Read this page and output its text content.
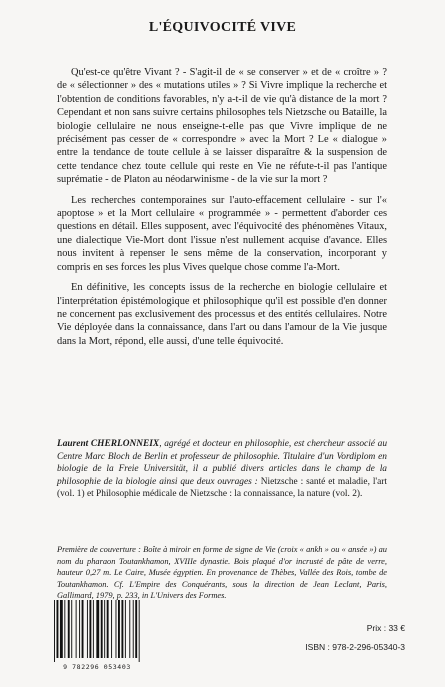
L'ÉQUIVOCITÉ VIVE

Qu'est-ce qu'être Vivant ? - S'agit-il de « se conserver » et de « croître » ? de « sélectionner » des « mutations utiles » ? Si Vivre implique la recherche et l'obtention de conditions favorables, n'y a-t-il de vie qu'à distance de la mort ? Cependant et non sans suivre certains philosophes tels Nietzsche ou Bataille, la biologie cellulaire ne nous enseigne-t-elle pas que Vivre implique de ne précisément pas cesser de « correspondre » avec la Mort ? Le « dialogue » entre la tendance de toute cellule à se laisser disparaître & la suspension de cette tendance chez toute cellule qui reste en Vie ne réfute-t-il pas l'antique suprématie - de Platon au néodarwinisme - de la vie sur la mort ?

Les recherches contemporaines sur l'auto-effacement cellulaire - sur l'« apoptose » et la Mort cellulaire « programmée » - permettent d'aborder ces questions en détail. Elles supposent, avec l'équivocité des phénomènes Vitaux, une dialectique Vie-Mort dont l'issue n'est nullement acquise d'avance. Elles nous invitent à repenser le sens même de la conservation, incorporant y compris en ses forces les plus Vives quelque chose comme l'a-Mort.

En définitive, les concepts issus de la recherche en biologie cellulaire et l'interprétation épistémologique et philosophique qu'il est possible d'en donner ne concernent pas exclusivement des processus et des entités cellulaires. Notre Vie déployée dans la connaissance, dans l'art ou dans l'amour de la Vie jusque dans la Mort, répond, elle aussi, d'une telle équivocité.

Laurent CHERLONNEIX, agrégé et docteur en philosophie, est chercheur associé au Centre Marc Bloch de Berlin et professeur de philosophie. Titulaire d'un Vordiplom en biologie de la Freie Universität, il a publié divers articles dans le champ de la philosophie de la biologie ainsi que deux ouvrages : Nietzsche : santé et maladie, l'art (vol. 1) et Philosophie médicale de Nietzsche : la connaissance, la nature (vol. 2).
Première de couverture : Boîte à miroir en forme de signe de Vie (croix « ankh » ou « ansée ») au nom du pharaon Toutankhamon, XVIIIe dynastie. Bois plaqué d'or incrusté de pâte de verre, hauteur 0,27 m. Le Caire, Musée égyptien. En provenance de Thèbes, Vallée des Rois, tombe de Toutankhamon. Cf. L'Empire des Conquérants, sous la direction de Jean Leclant, Paris, Gallimard, 1979, p. 233, in L'Univers des Formes.
9 782296 053403
Prix : 33 €
ISBN : 978-2-296-05340-3
